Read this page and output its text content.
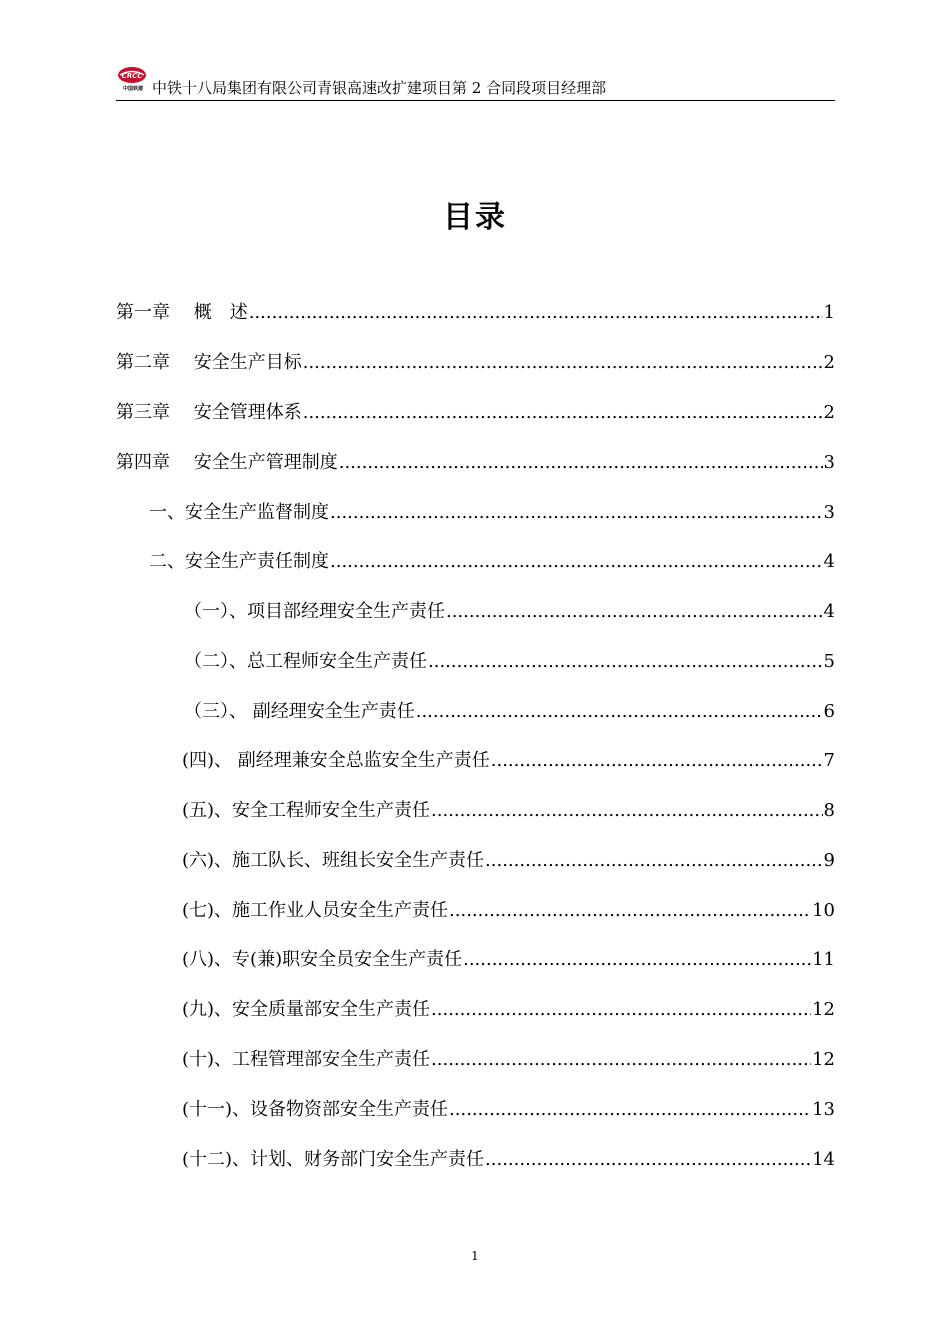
CRCC
中国铁建 中铁十八局集团有限公司青银高速改扩建项目第 2 合同段项目经理部
目录
第一章　 概　述 .....	1
第二章　 安全生产目标 .....	2
第三章　 安全管理体系 .....	2
第四章　 安全生产管理制度 .....	3
一、安全生产监督制度 .....	3
二、安全生产责任制度 .....	4
（一）、项目部经理安全生产责任 .....	4
（二）、总工程师安全生产责任 .....	5
（三）、 副经理安全生产责任 .....	6
(四)、 副经理兼安全总监安全生产责任 .....	7
(五)、安全工程师安全生产责任 .....	8
(六)、施工队长、班组长安全生产责任 .....	9
(七)、施工作业人员安全生产责任 .....	10
(八)、专(兼)职安全员安全生产责任 .....	11
(九)、安全质量部安全生产责任 .....	12
(十)、工程管理部安全生产责任 .....	12
(十一)、设备物资部安全生产责任 .....	13
(十二)、计划、财务部门安全生产责任 .....	14
1
